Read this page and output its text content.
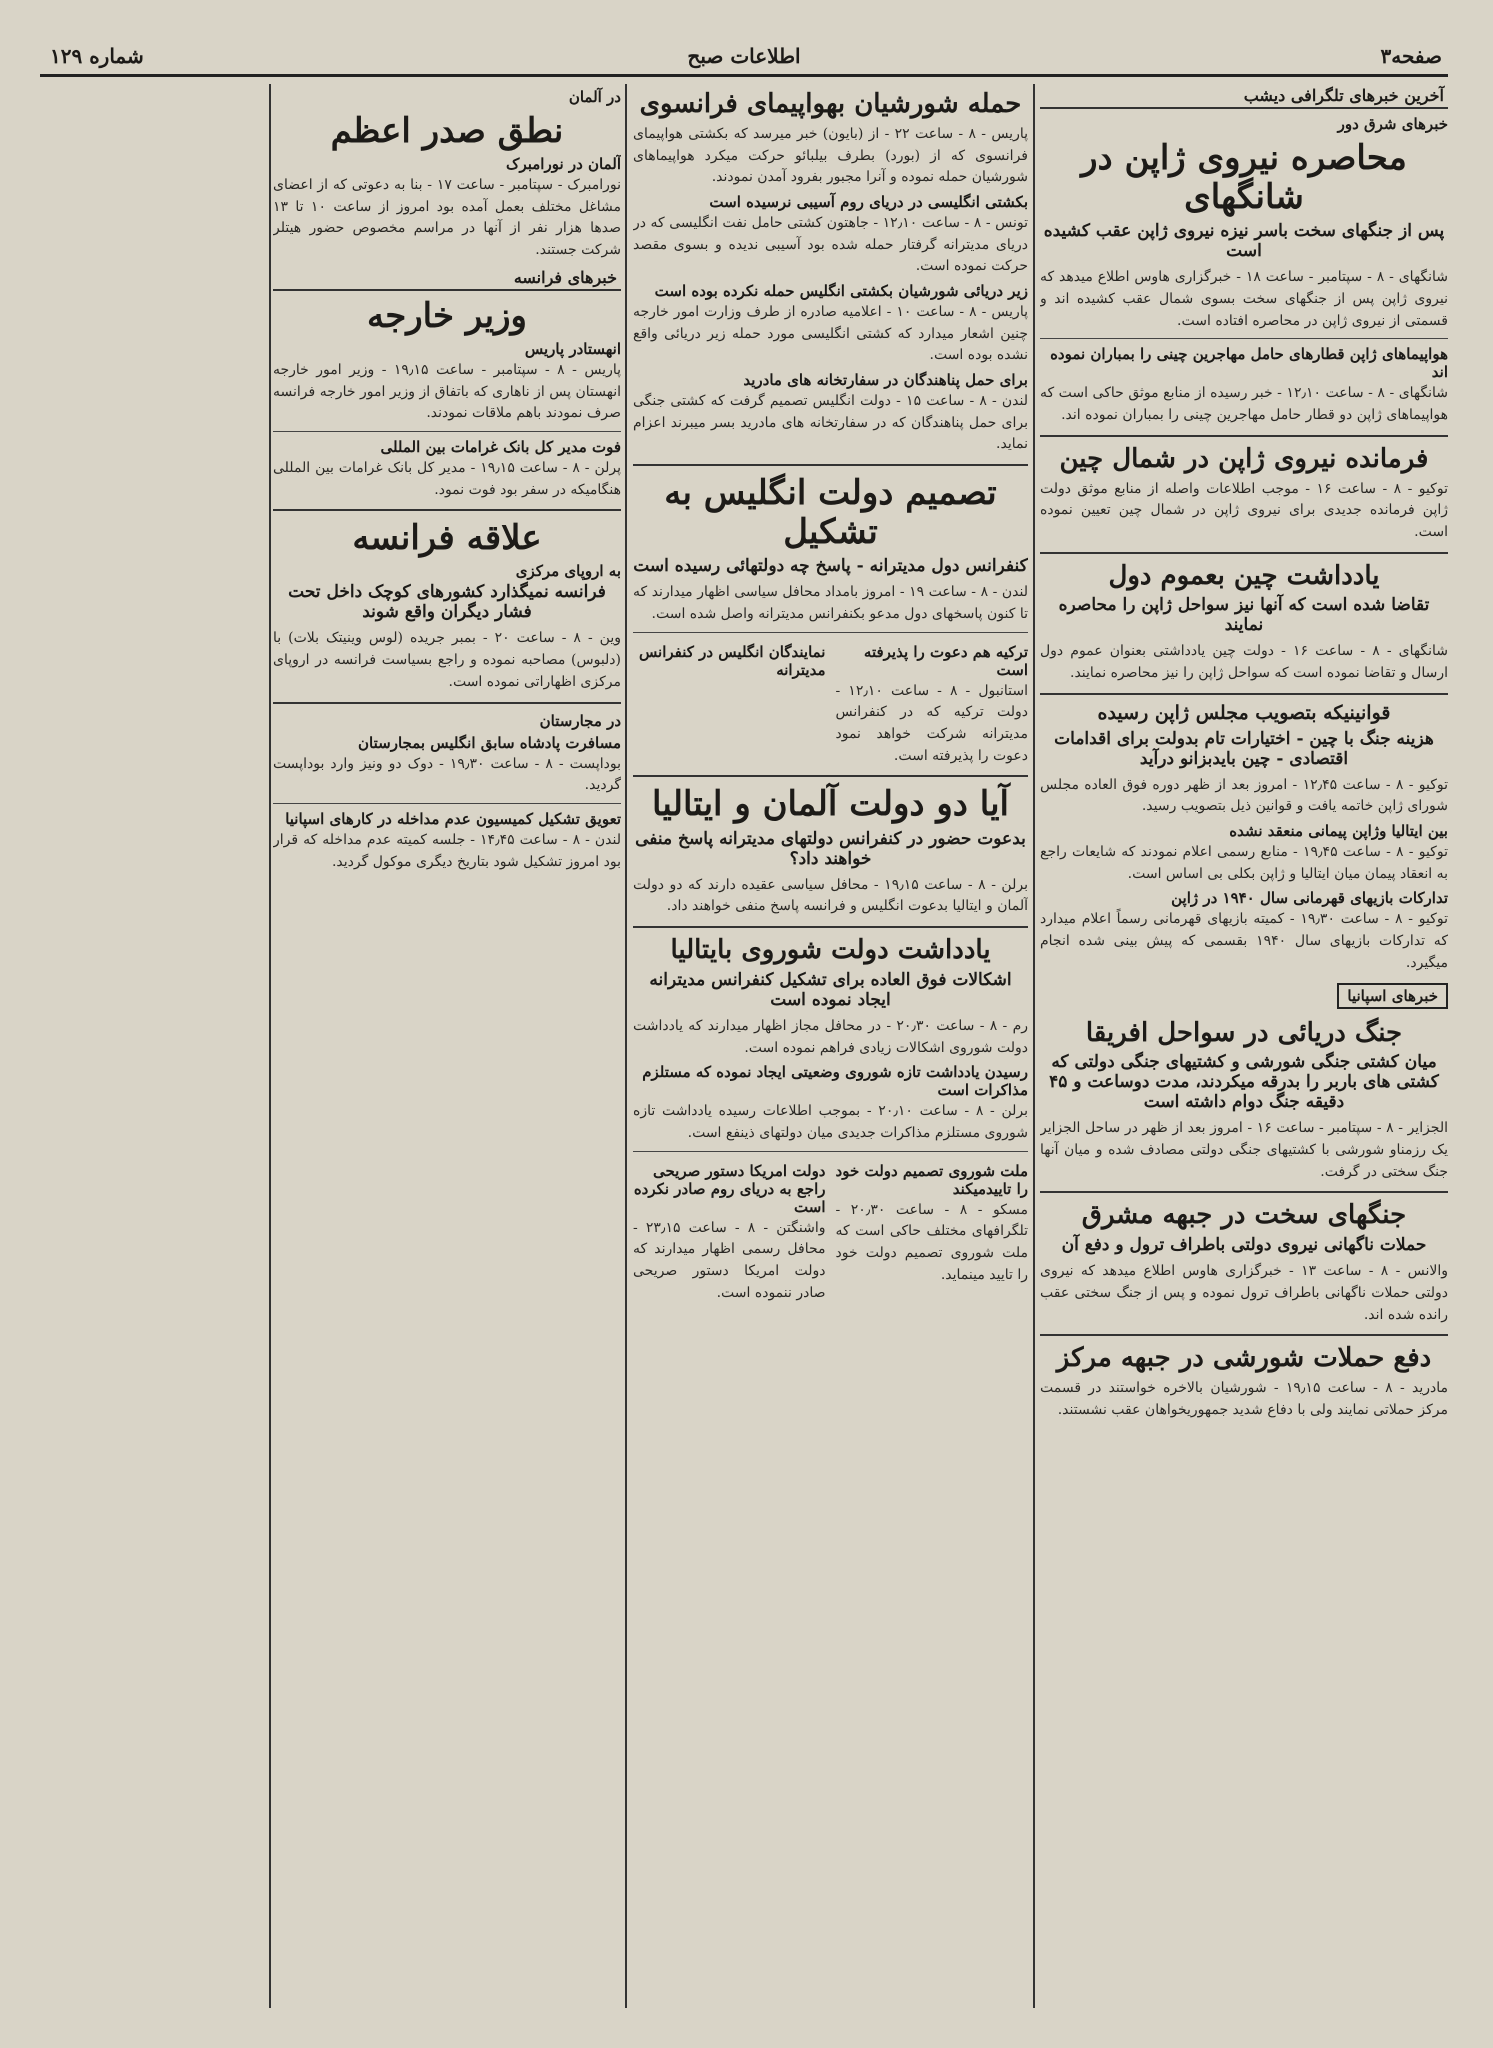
صفحه۳
اطلاعات صبح
شماره ۱۲۹
آخرین خبرهای تلگرافی دیشب
خبرهای شرق دور
محاصره نیروی ژاپن در شانگهای
پس از جنگهای سخت باسر نیزه نیروی ژاپن عقب کشیده است
شانگهای - ۸ - سپتامبر - ساعت ۱۸ - خبرگزاری هاوس اطلاع میدهد که نیروی ژاپن پس از جنگهای سخت بسوی شمال عقب کشیده اند و قسمتی از نیروی ژاپن در محاصره افتاده است.
هواپیماهای ژاپن قطارهای حامل مهاجرین چینی را بمباران نموده اند
شانگهای - ۸ - ساعت ۱۲٫۱۰ - خبر رسیده از منابع موثق حاکی است که هواپیماهای ژاپن دو قطار حامل مهاجرین چینی را بمباران نموده اند.
فرمانده نیروی ژاپن در شمال چین
توکیو - ۸ - ساعت ۱۶ - موجب اطلاعات واصله از منابع موثق دولت ژاپن فرمانده جدیدی برای نیروی ژاپن در شمال چین تعیین نموده است.
یادداشت چین بعموم دول
تقاضا شده است که آنها نیز سواحل ژاپن را محاصره نمایند
شانگهای - ۸ - ساعت ۱۶ - دولت چین یادداشتی بعنوان عموم دول ارسال و تقاضا نموده است که سواحل ژاپن را نیز محاصره نمایند.
قوانینیکه بتصویب مجلس ژاپن رسیده
هزینه جنگ با چین - اختیارات تام بدولت برای اقدامات اقتصادی - چین بایدبزانو درآید
توکیو - ۸ - ساعت ۱۲٫۴۵ - امروز بعد از ظهر دوره فوق العاده مجلس شورای ژاپن خاتمه یافت و قوانین ذیل بتصویب رسید.
بین ایتالیا وژاپن پیمانی منعقد نشده
توکیو - ۸ - ساعت ۱۹٫۴۵ - منابع رسمی اعلام نمودند که شایعات راجع به انعقاد پیمان میان ایتالیا و ژاپن بکلی بی اساس است.
تدارکات بازیهای قهرمانی سال ۱۹۴۰ در ژاپن
توکیو - ۸ - ساعت ۱۹٫۳۰ - کمیته بازیهای قهرمانی رسماً اعلام میدارد که تدارکات بازیهای سال ۱۹۴۰ بقسمی که پیش بینی شده انجام میگیرد.
خبرهای اسپانیا
جنگ دریائی در سواحل افریقا
میان کشتی جنگی شورشی و کشتیهای جنگی دولتی که کشتی های باربر را بدرقه میکردند، مدت دوساعت و ۴۵ دقیقه جنگ دوام داشته است
الجزایر - ۸ - سپتامبر - ساعت ۱۶ - امروز بعد از ظهر در ساحل الجزایر یک رزمناو شورشی با کشتیهای جنگی دولتی مصادف شده و میان آنها جنگ سختی در گرفت.
جنگهای سخت در جبهه مشرق
حملات ناگهانی نیروی دولتی باطراف ترول و دفع آن
والانس - ۸ - ساعت ۱۳ - خبرگزاری هاوس اطلاع میدهد که نیروی دولتی حملات ناگهانی باطراف ترول نموده و پس از جنگ سختی عقب رانده شده اند.
دفع حملات شورشی در جبهه مرکز
مادرید - ۸ - ساعت ۱۹٫۱۵ - شورشیان بالاخره خواستند در قسمت مرکز حملاتی نمایند ولی با دفاع شدید جمهوریخواهان عقب نشستند.
حمله شورشیان بهواپیمای فرانسوی
پاریس - ۸ - ساعت ۲۲ - از (بایون) خبر میرسد که بکشتی هواپیمای فرانسوی که از (بورد) بطرف بیلبائو حرکت میکرد هواپیماهای شورشیان حمله نموده و آنرا مجبور بفرود آمدن نمودند.
بکشتی انگلیسی در دریای روم آسیبی نرسیده است
تونس - ۸ - ساعت ۱۲٫۱۰ - جاهتون کشتی حامل نفت انگلیسی که در دریای مدیترانه گرفتار حمله شده بود آسیبی ندیده و بسوی مقصد حرکت نموده است.
زیر دریائی شورشیان بکشتی انگلیس حمله نکرده بوده است
پاریس - ۸ - ساعت ۱۰ - اعلامیه صادره از طرف وزارت امور خارجه چنین اشعار میدارد که کشتی انگلیسی مورد حمله زیر دریائی واقع نشده بوده است.
برای حمل پناهندگان در سفارتخانه های مادرید
لندن - ۸ - ساعت ۱۵ - دولت انگلیس تصمیم گرفت که کشتی جنگی برای حمل پناهندگان که در سفارتخانه های مادرید بسر میبرند اعزام نماید.
تصمیم دولت انگلیس به تشکیل
کنفرانس دول مدیترانه - پاسخ چه دولتهائی رسیده است
لندن - ۸ - ساعت ۱۹ - امروز بامداد محافل سیاسی اظهار میدارند که تا کنون پاسخهای دول مدعو بکنفرانس مدیترانه واصل شده است.
ترکیه هم دعوت را پذیرفته است
استانبول - ۸ - ساعت ۱۲٫۱۰ - دولت ترکیه که در کنفرانس مدیترانه شرکت خواهد نمود دعوت را پذیرفته است.
نمایندگان انگلیس در کنفرانس مدیترانه
آیا دو دولت آلمان و ایتالیا
بدعوت حضور در کنفرانس دولتهای مدیترانه پاسخ منفی خواهند داد؟
برلن - ۸ - ساعت ۱۹٫۱۵ - محافل سیاسی عقیده دارند که دو دولت آلمان و ایتالیا بدعوت انگلیس و فرانسه پاسخ منفی خواهند داد.
یادداشت دولت شوروی بایتالیا
اشکالات فوق العاده برای تشکیل کنفرانس مدیترانه ایجاد نموده است
رم - ۸ - ساعت ۲۰٫۳۰ - در محافل مجاز اظهار میدارند که یادداشت دولت شوروی اشکالات زیادی فراهم نموده است.
رسیدن یادداشت تازه شوروی وضعیتی ایجاد نموده که مستلزم مذاکرات است
برلن - ۸ - ساعت ۲۰٫۱۰ - بموجب اطلاعات رسیده یادداشت تازه شوروی مستلزم مذاکرات جدیدی میان دولتهای ذینفع است.
ملت شوروی تصمیم دولت خود را تاییدمیکند
مسکو - ۸ - ساعت ۲۰٫۳۰ - تلگرافهای مختلف حاکی است که ملت شوروی تصمیم دولت خود را تایید مینماید.
دولت امریکا دستور صریحی راجع به دریای روم صادر نکرده است
واشنگتن - ۸ - ساعت ۲۳٫۱۵ - محافل رسمی اظهار میدارند که دولت امریکا دستور صریحی صادر ننموده است.
در آلمان
نطق صدر اعظم
آلمان در نورامبرک
نورامبرک - سپتامبر - ساعت ۱۷ - بنا به دعوتی که از اعضای مشاغل مختلف بعمل آمده بود امروز از ساعت ۱۰ تا ۱۳ صدها هزار نفر از آنها در مراسم مخصوص حضور هیتلر شرکت جستند.
خبرهای فرانسه
وزیر خارجه
انهستادر پاریس
پاریس - ۸ - سپتامبر - ساعت ۱۹٫۱۵ - وزیر امور خارجه انهستان پس از ناهاری که باتفاق از وزیر امور خارجه فرانسه صرف نمودند باهم ملاقات نمودند.
فوت مدیر کل بانک غرامات بین المللی
پرلن - ۸ - ساعت ۱۹٫۱۵ - مدیر کل بانک غرامات بین المللی هنگامیکه در سفر بود فوت نمود.
علاقه فرانسه
به اروپای مرکزی
فرانسه نمیگذارد کشورهای کوچک داخل تحت فشار دیگران واقع شوند
وین - ۸ - ساعت ۲۰ - بمبر جریده (لوس وینیتک بلات) با (دلبوس) مصاحبه نموده و راجع بسیاست فرانسه در اروپای مرکزی اظهاراتی نموده است.
در مجارستان
مسافرت پادشاه سابق انگلیس بمجارستان
بوداپست - ۸ - ساعت ۱۹٫۳۰ - دوک دو ونیز وارد بوداپست گردید.
تعویق تشکیل کمیسیون عدم مداخله در کارهای اسپانیا
لندن - ۸ - ساعت ۱۴٫۴۵ - جلسه کمیته عدم مداخله که قرار بود امروز تشکیل شود بتاریخ دیگری موکول گردید.
